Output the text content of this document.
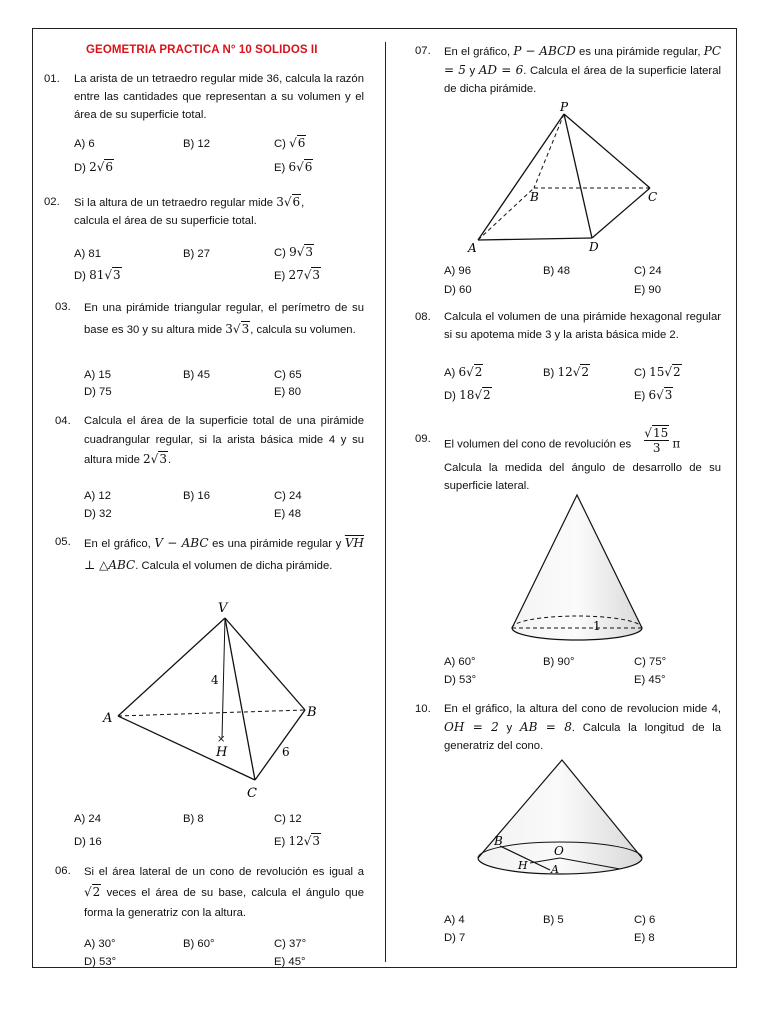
GEOMETRIA PRACTICA N° 10 SOLIDOS II
01. La arista de un tetraedro regular mide 36, calcula la razón entre las cantidades que representan a su volumen y el área de su superficie total.
A) 6	B) 12	C) √6
D) 2√6	E) 6√6
02. Si la altura de un tetraedro regular mide 3√6,
calcula el área de su superficie total.
A) 81	B) 27	C) 9√3
D) 81√3	E) 27√3
03. En una pirámide triangular regular, el perímetro de su base es 30 y su altura mide 3√3, calcula su volumen.
A) 15	B) 45	C) 65
D) 75	E) 80
04. Calcula el área de la superficie total de una pirámide cuadrangular regular, si la arista básica mide 4 y su altura mide 2√3.
A) 12	B) 16	C) 24
D) 32	E) 48
05. En el gráfico, V − ABC es una pirámide regular y $\overline{VH}$ ⊥ △ABC. Calcula el volumen de dicha pirámide.
V
A	B
C
H
4
6
×
A) 24	B) 8	C) 12
D) 16	E) 12√3
06. Si el área lateral de un cono de revolución es igual a √2 veces el área de su base, calcula el ángulo que forma la generatriz con la altura.
A) 30°	B) 60°	C) 37°
D) 53°	E) 45°
07. En el gráfico, P − ABCD es una pirámide regular, PC = 5 y AD = 6. Calcula el área de la superficie lateral de dicha pirámide.
P
A
B	C
D
A) 96	B) 48	C) 24
D) 60	E) 90
08. Calcula el volumen de una pirámide hexagonal regular si su apotema mide 3 y la arista básica mide 2.
A) 6√2	B) 12√2	C) 15√2
D) 18√2	E) 6√3
09. El volumen del cono de revolución es $\frac{√15}{3}$ π
Calcula la medida del ángulo de desarrollo de su superficie lateral.
1
A) 60°	B) 90°	C) 75°
D) 53°	E) 45°
10. En el gráfico, la altura del cono de revolucion mide 4, OH = 2 y AB = 8. Calcula la longitud de la generatriz del cono.
B
O
H A
A) 4	B) 5	C) 6
D) 7	E) 8
